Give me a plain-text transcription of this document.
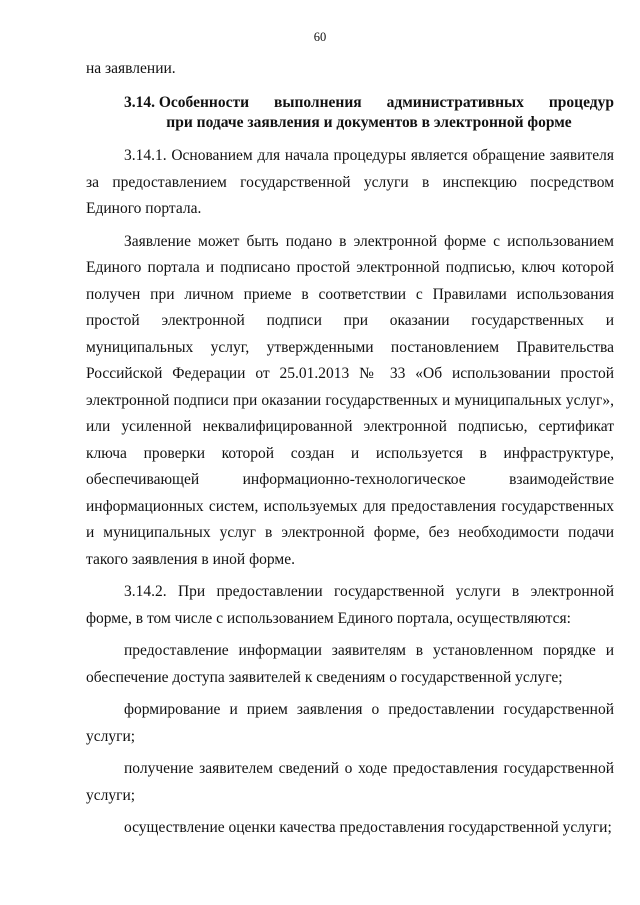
60

на заявлении.

3.14. Особенности выполнения административных процедур
при подаче заявления и документов в электронной форме

3.14.1. Основанием для начала процедуры является обращение заявителя за предоставлением государственной услуги в инспекцию посредством Единого портала.

Заявление может быть подано в электронной форме с использованием Единого портала и подписано простой электронной подписью, ключ которой получен при личном приеме в соответствии с Правилами использования простой электронной подписи при оказании государственных и муниципальных услуг, утвержденными постановлением Правительства Российской Федерации от 25.01.2013 № 33 «Об использовании простой электронной подписи при оказании государственных и муниципальных услуг», или усиленной неквалифицированной электронной подписью, сертификат ключа проверки которой создан и используется в инфраструктуре, обеспечивающей информационно-технологическое взаимодействие информационных систем, используемых для предоставления государственных и муниципальных услуг в электронной форме, без необходимости подачи такого заявления в иной форме.

3.14.2. При предоставлении государственной услуги в электронной форме, в том числе с использованием Единого портала, осуществляются:

предоставление информации заявителям в установленном порядке и обеспечение доступа заявителей к сведениям о государственной услуге;

формирование и прием заявления о предоставлении государственной услуги;

получение заявителем сведений о ходе предоставления государственной услуги;

осуществление оценки качества предоставления государственной услуги;
